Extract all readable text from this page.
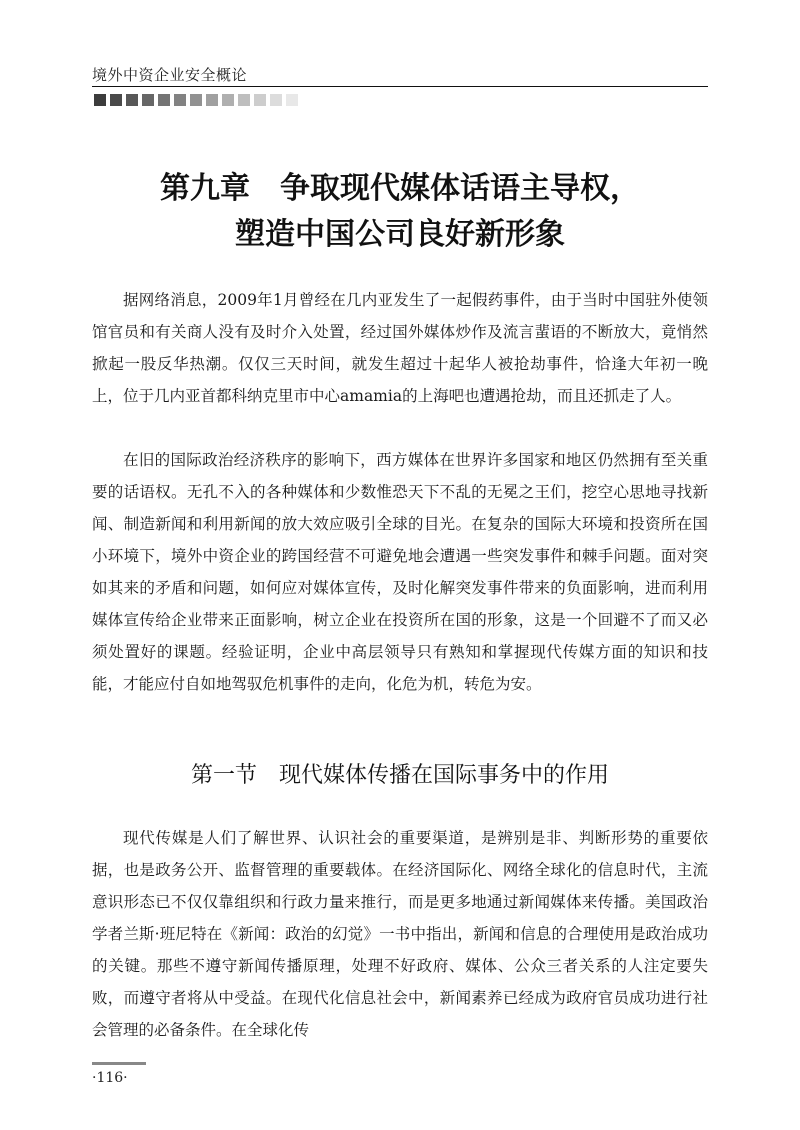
境外中资企业安全概论
第九章　争取现代媒体话语主导权，
塑造中国公司良好新形象

据网络消息，2009年1月曾经在几内亚发生了一起假药事件，由于当时中国驻外使领馆官员和有关商人没有及时介入处置，经过国外媒体炒作及流言蜚语的不断放大，竟悄然掀起一股反华热潮。仅仅三天时间，就发生超过十起华人被抢劫事件，恰逢大年初一晚上，位于几内亚首都科纳克里市中心amamia的上海吧也遭遇抢劫，而且还抓走了人。

在旧的国际政治经济秩序的影响下，西方媒体在世界许多国家和地区仍然拥有至关重要的话语权。无孔不入的各种媒体和少数惟恐天下不乱的无冕之王们，挖空心思地寻找新闻、制造新闻和利用新闻的放大效应吸引全球的目光。在复杂的国际大环境和投资所在国小环境下，境外中资企业的跨国经营不可避免地会遭遇一些突发事件和棘手问题。面对突如其来的矛盾和问题，如何应对媒体宣传，及时化解突发事件带来的负面影响，进而利用媒体宣传给企业带来正面影响，树立企业在投资所在国的形象，这是一个回避不了而又必须处置好的课题。经验证明，企业中高层领导只有熟知和掌握现代传媒方面的知识和技能，才能应付自如地驾驭危机事件的走向，化危为机，转危为安。

第一节　现代媒体传播在国际事务中的作用

现代传媒是人们了解世界、认识社会的重要渠道，是辨别是非、判断形势的重要依据，也是政务公开、监督管理的重要载体。在经济国际化、网络全球化的信息时代，主流意识形态已不仅仅靠组织和行政力量来推行，而是更多地通过新闻媒体来传播。美国政治学者兰斯·班尼特在《新闻：政治的幻觉》一书中指出，新闻和信息的合理使用是政治成功的关键。那些不遵守新闻传播原理，处理不好政府、媒体、公众三者关系的人注定要失败，而遵守者将从中受益。在现代化信息社会中，新闻素养已经成为政府官员成功进行社会管理的必备条件。在全球化传

·116·
